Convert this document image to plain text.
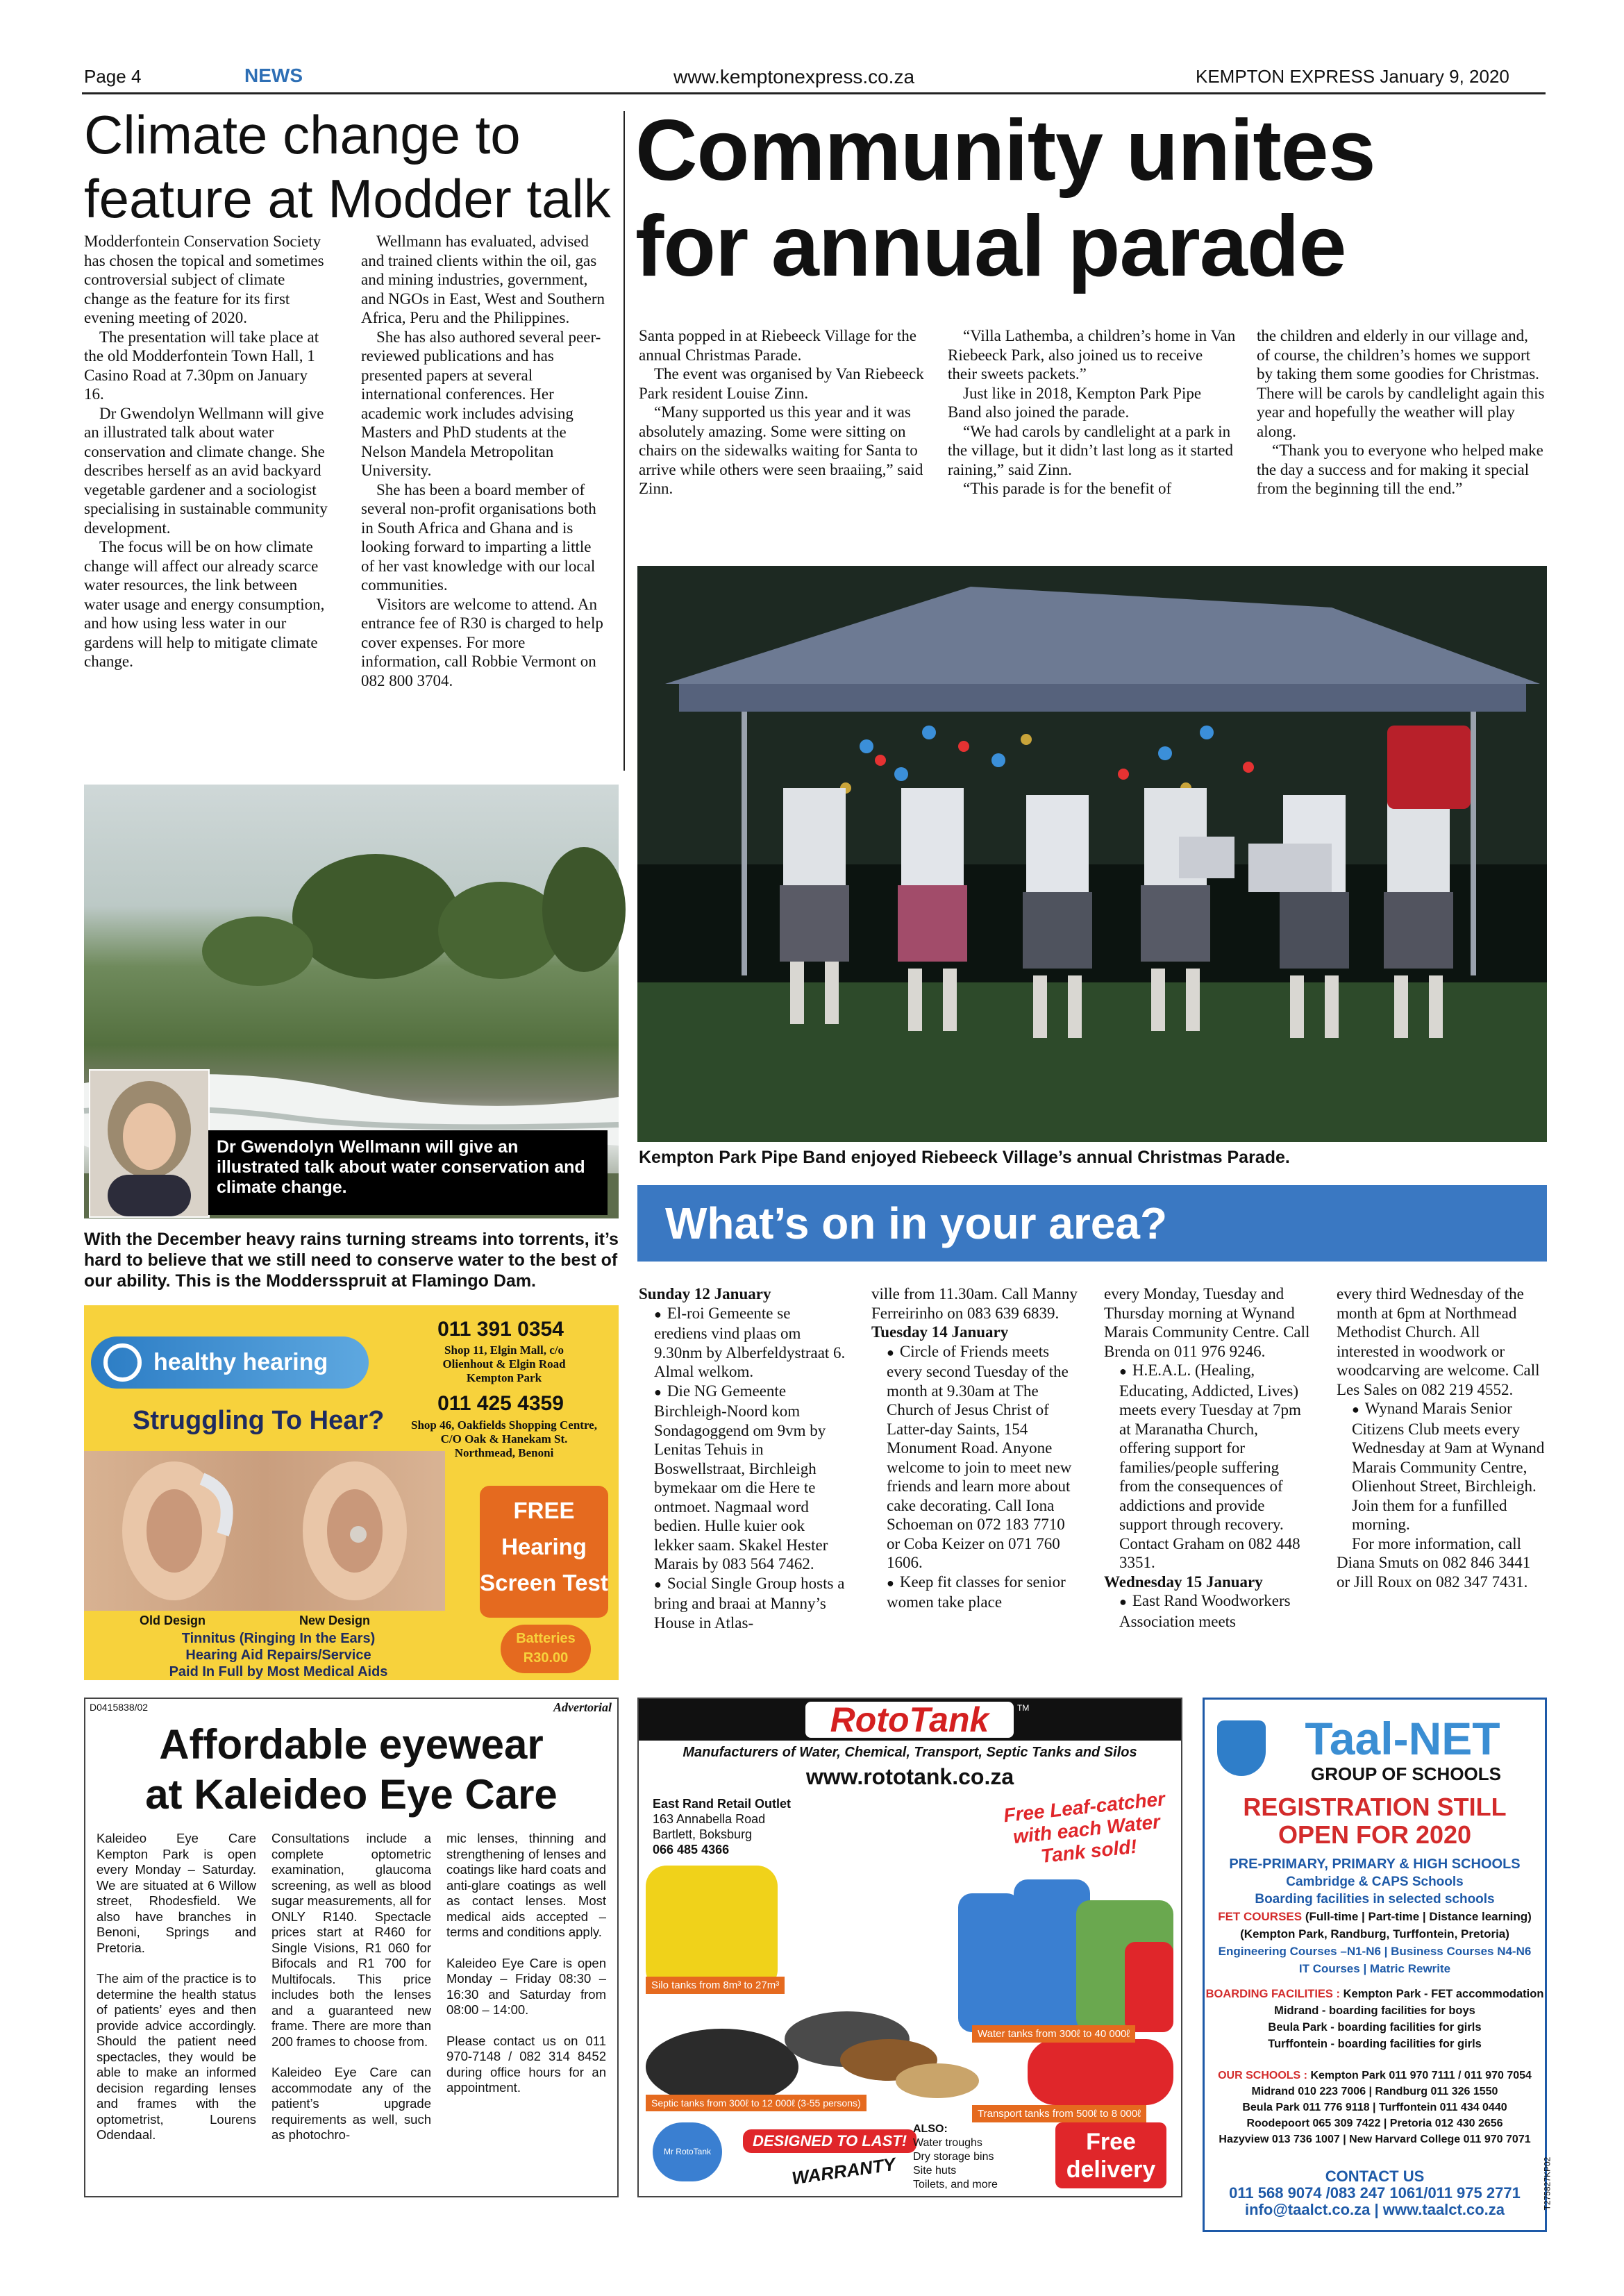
Page 4	NEWS	www.kemptonexpress.co.za	KEMPTON EXPRESS January 9, 2020
Climate change to
feature at Modder talk

Modderfontein Conservation Society has chosen the topical and sometimes controversial subject of climate change as the feature for its first evening meeting of 2020.

The presentation will take place at the old Modderfontein Town Hall, 1 Casino Road at 7.30pm on January 16.

Dr Gwendolyn Wellmann will give an illustrated talk about water conservation and climate change. She describes herself as an avid backyard vegetable gardener and a sociologist specialising in sustainable community development.

The focus will be on how climate change will affect our already scarce water resources, the link between water usage and energy consumption, and how using less water in our gardens will help to mitigate climate change.

Wellmann has evaluated, advised and trained clients within the oil, gas and mining industries, government, and NGOs in East, West and Southern Africa, Peru and the Philippines.

She has also authored several peer-reviewed publications and has presented papers at several international conferences. Her academic work includes advising Masters and PhD students at the Nelson Mandela Metropolitan University.

She has been a board member of several non-profit organisations both in South Africa and Ghana and is looking forward to imparting a little of her vast knowledge with our local communities.

Visitors are welcome to attend. An entrance fee of R30 is charged to help cover expenses. For more information, call Robbie Vermont on 082 800 3704.

Dr Gwendolyn Wellmann will give an illustrated talk about water conservation and climate change.
With the December heavy rains turning streams into torrents, it’s hard to believe that we still need to conserve water to the best of our ability. This is the Moddersspruit at Flamingo Dam.
Community unites
for annual parade

Santa popped in at Riebeeck Village for the annual Christmas Parade.

The event was organised by Van Riebeeck Park resident Louise Zinn.

“Many supported us this year and it was absolutely amazing. Some were sitting on chairs on the sidewalks waiting for Santa to arrive while others were seen braaiing,” said Zinn.

“Villa Lathemba, a children’s home in Van Riebeeck Park, also joined us to receive their sweets packets.”

Just like in 2018, Kempton Park Pipe Band also joined the parade.

“We had carols by candlelight at a park in the village, but it didn’t last long as it started raining,” said Zinn.

“This parade is for the benefit of

the children and elderly in our village and, of course, the children’s homes we support by taking them some goodies for Christmas. There will be carols by candlelight again this year and hopefully the weather will play along.

“Thank you to everyone who helped make the day a success and for making it special from the beginning till the end.”

Kempton Park Pipe Band enjoyed Riebeeck Village’s annual Christmas Parade.
What’s on in your area?

Sunday 12 January

● El-roi Gemeente se erediens vind plaas om 9.30nm by Alberfeldystraat 6. Almal welkom.

● Die NG Gemeente Birchleigh-Noord kom Sondagoggend om 9vm by Lenitas Tehuis in Boswellstraat, Birchleigh bymekaar om die Here te ontmoet. Nagmaal word bedien. Hulle kuier ook lekker saam. Skakel Hester Marais by 083 564 7462.

● Social Single Group hosts a bring and braai at Manny’s House in Atlas-

ville from 11.30am. Call Manny Ferreirinho on 083 639 6839.

Tuesday 14 January

● Circle of Friends meets every second Tuesday of the month at 9.30am at The Church of Jesus Christ of Latter-day Saints, 154 Monument Road. Anyone welcome to join to meet new friends and learn more about cake decorating. Call Iona Schoeman on 072 183 7710 or Coba Keizer on 071 760 1606.

● Keep fit classes for senior women take place

every Monday, Tuesday and Thursday morning at Wynand Marais Community Centre. Call Brenda on 011 976 9246.

● H.E.A.L. (Healing, Educating, Addicted, Lives) meets every Tuesday at 7pm at Maranatha Church, offering support for families/people suffering from the consequences of addictions and provide support through recovery. Contact Graham on 082 448 3351.

Wednesday 15 January

● East Rand Woodworkers Association meets

every third Wednesday of the month at 6pm at Northmead Methodist Church. All interested in woodwork or woodcarving are welcome. Call Les Sales on 082 219 4552.

● Wynand Marais Senior Citizens Club meets every Wednesday at 9am at Wynand Marais Community Centre, Olienhout Street, Birchleigh. Join them for a funfilled morning.

For more information, call Diana Smuts on 082 846 3441 or Jill Roux on 082 347 7431.

healthy hearing
011 391 0354
Shop 11, Elgin Mall, c/o Olienhout & Elgin Road Kempton Park
011 425 4359
Shop 46, Oakfields Shopping Centre, C/O Oak & Hanekam St. Northmead, Benoni
Struggling To Hear?
FREE
Hearing
Screen Test
Old Design	New Design
Tinnitus (Ringing In the Ears)
Hearing Aid Repairs/Service
Paid In Full by Most Medical Aids
Batteries
R30.00
D0415838/02	Advertorial
Affordable eyewear
at Kaleideo Eye Care

Kaleideo Eye Care Kempton Park is open every Monday – Saturday. We are situated at 6 Willow street, Rhodesfield. We also have branches in Benoni, Springs and Pretoria.

The aim of the practice is to determine the health status of patients’ eyes and then provide advice accordingly. Should the patient need spectacles, they would be able to make an informed decision regarding lenses and frames with the optometrist, Lourens Odendaal.

Consultations include a complete optometric examination, glaucoma screening, as well as blood sugar measurements, all for ONLY R140. Spectacle prices start at R460 for Single Visions, R1 060 for Bifocals and R1 700 for Multifocals. This price includes both the lenses and a guaranteed new frame. There are more than 200 frames to choose from.

Kaleideo Eye Care can accommodate any of the patient’s upgrade requirements as well, such as photochro-

mic lenses, thinning and strengthening of lenses and coatings like hard coats and anti-glare coatings as well as contact lenses. Most medical aids accepted – terms and conditions apply.

Kaleideo Eye Care is open Monday – Friday 08:30 – 16:30 and Saturday from 08:00 – 14:00.

Please contact us on 011 970-7148 / 082 314 8452 during office hours for an appointment.

RotoTank	TM
Manufacturers of Water, Chemical, Transport, Septic Tanks and Silos
www.rototank.co.za
East Rand Retail Outlet
163 Annabella Road
Bartlett, Boksburg
066 485 4366
Free Leaf-catcher with each Water Tank sold!
Silo tanks from 8m³ to 27m³
Water tanks from 300ℓ to 40 000ℓ
Septic tanks from 300ℓ to 12 000ℓ (3-55 persons)
Transport tanks from 500ℓ to 8 000ℓ
Mr RotoTank
DESIGNED TO LAST!
WARRANTY
ALSO:
Water troughs
Dry storage bins
Site huts
Toilets, and more
Free
delivery
Taal-NET
GROUP OF SCHOOLS
REGISTRATION STILL
OPEN FOR 2020
PRE-PRIMARY, PRIMARY & HIGH SCHOOLS
Cambridge & CAPS Schools
Boarding facilities in selected schools
FET COURSES (Full-time | Part-time | Distance learning)
(Kempton Park, Randburg, Turffontein, Pretoria)
Engineering Courses –N1-N6 | Business Courses N4-N6
IT Courses | Matric Rewrite
BOARDING FACILITIES : Kempton Park - FET accommodation
Midrand - boarding facilities for boys
Beula Park - boarding facilities for girls
Turffontein - boarding facilities for girls
OUR SCHOOLS : Kempton Park 011 970 7111 / 011 970 7054
Midrand 010 223 7006 | Randburg 011 326 1550
Beula Park 011 776 9118 | Turffontein 011 434 0440
Roodepoort 065 309 7422 | Pretoria 012 430 2656
Hazyview 013 736 1007 | New Harvard College 011 970 7071
CONTACT US
011 568 9074 /083 247 1061/011 975 2771
info@taalct.co.za | www.taalct.co.za	T275827KP02
